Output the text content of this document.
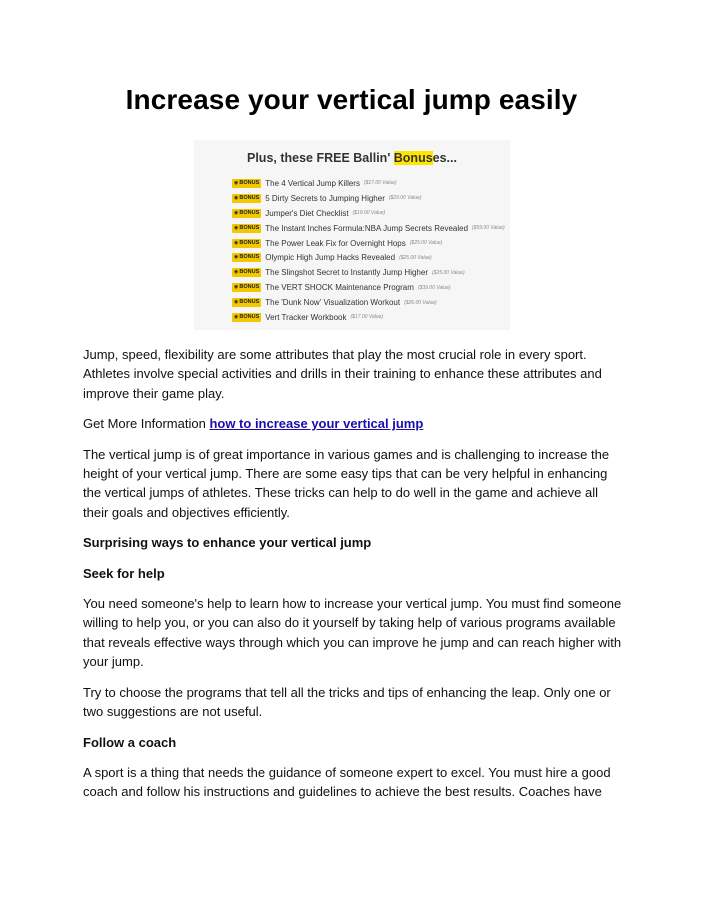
Increase your vertical jump easily
Plus, these FREE Ballin' Bonuses...
◉ BONUS The 4 Vertical Jump Killers ($17.00 Value)
◉ BONUS 5 Dirty Secrets to Jumping Higher ($29.00 Value)
◉ BONUS Jumper's Diet Checklist ($19.00 Value)
◉ BONUS The Instant Inches Formula:NBA Jump Secrets Revealed ($59.00 Value)
◉ BONUS The Power Leak Fix for Overnight Hops ($25.00 Value)
◉ BONUS Olympic High Jump Hacks Revealed ($25.00 Value)
◉ BONUS The Slingshot Secret to Instantly Jump Higher ($25.00 Value)
◉ BONUS The VERT SHOCK Maintenance Program ($39.00 Value)
◉ BONUS The 'Dunk Now' Visualization Workout ($26.00 Value)
◉ BONUS Vert Tracker Workbook ($17.00 Value)

Jump, speed, flexibility are some attributes that play the most crucial role in every sport. Athletes involve special activities and drills in their training to enhance these attributes and improve their game play.

Get More Information how to increase your vertical jump

The vertical jump is of great importance in various games and is challenging to increase the height of your vertical jump. There are some easy tips that can be very helpful in enhancing the vertical jumps of athletes. These tricks can help to do well in the game and achieve all their goals and objectives efficiently.

Surprising ways to enhance your vertical jump
Seek for help

You need someone's help to learn how to increase your vertical jump. You must find someone willing to help you, or you can also do it yourself by taking help of various programs available that reveals effective ways through which you can improve he jump and can reach higher with your jump.

Try to choose the programs that tell all the tricks and tips of enhancing the leap. Only one or two suggestions are not useful.

Follow a coach

A sport is a thing that needs the guidance of someone expert to excel. You must hire a good coach and follow his instructions and guidelines to achieve the best results. Coaches have
